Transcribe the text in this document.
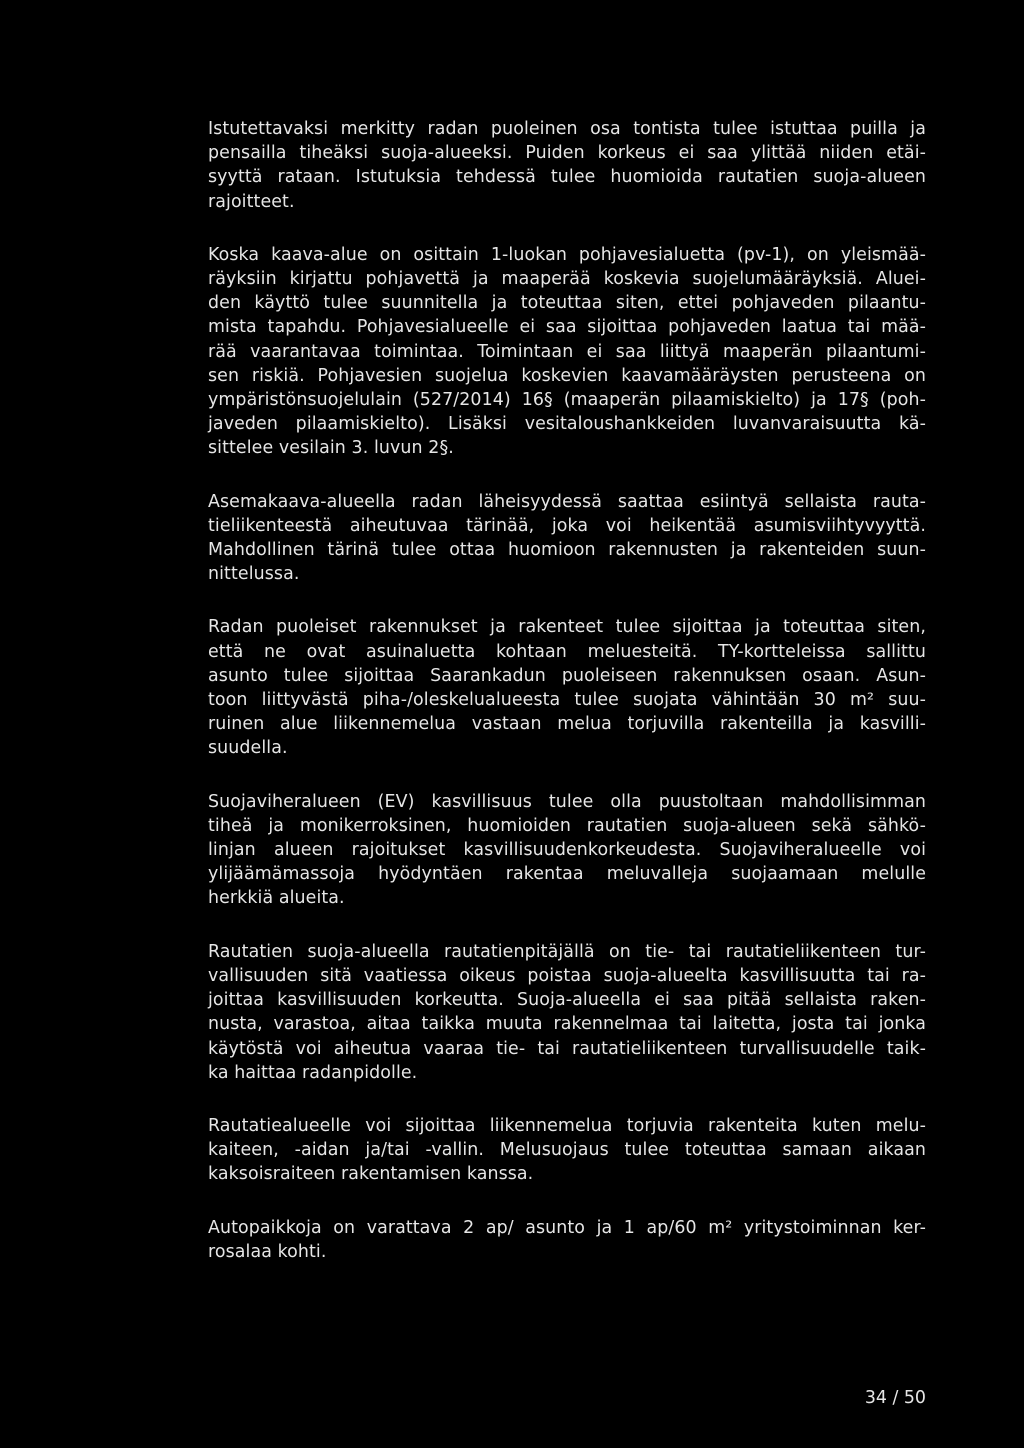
Istutettavaksi merkitty radan puoleinen osa tontista tulee istuttaa puilla ja
pensailla tiheäksi suoja-alueeksi. Puiden korkeus ei saa ylittää niiden etäi-
syyttä rataan. Istutuksia tehdessä tulee huomioida rautatien suoja-alueen
rajoitteet.
Koska kaava-alue on osittain 1-luokan pohjavesialuetta (pv-1), on yleismää-
räyksiin kirjattu pohjavettä ja maaperää koskevia suojelumääräyksiä. Aluei-
den käyttö tulee suunnitella ja toteuttaa siten, ettei pohjaveden pilaantu-
mista tapahdu. Pohjavesialueelle ei saa sijoittaa pohjaveden laatua tai mää-
rää vaarantavaa toimintaa. Toimintaan ei saa liittyä maaperän pilaantumi-
sen riskiä. Pohjavesien suojelua koskevien kaavamääräysten perusteena on
ympäristönsuojelulain (527/2014) 16§ (maaperän pilaamiskielto) ja 17§ (poh-
javeden pilaamiskielto). Lisäksi vesitaloushankkeiden luvanvaraisuutta kä-
sittelee vesilain 3. luvun 2§.
Asemakaava-alueella radan läheisyydessä saattaa esiintyä sellaista rauta-
tieliikenteestä aiheutuvaa tärinää, joka voi heikentää asumisviihtyvyyttä.
Mahdollinen tärinä tulee ottaa huomioon rakennusten ja rakenteiden suun-
nittelussa.
Radan puoleiset rakennukset ja rakenteet tulee sijoittaa ja toteuttaa siten,
että ne ovat asuinaluetta kohtaan meluesteitä. TY-kortteleissa sallittu
asunto tulee sijoittaa Saarankadun puoleiseen rakennuksen osaan. Asun-
toon liittyvästä piha-/oleskelualueesta tulee suojata vähintään 30 m² suu-
ruinen alue liikennemelua vastaan melua torjuvilla rakenteilla ja kasvilli-
suudella.
Suojaviheralueen (EV) kasvillisuus tulee olla puustoltaan mahdollisimman
tiheä ja monikerroksinen, huomioiden rautatien suoja-alueen sekä sähkö-
linjan alueen rajoitukset kasvillisuudenkorkeudesta. Suojaviheralueelle voi
ylijäämämassoja hyödyntäen rakentaa meluvalleja suojaamaan melulle
herkkiä alueita.
Rautatien suoja-alueella rautatienpitäjällä on tie- tai rautatieliikenteen tur-
vallisuuden sitä vaatiessa oikeus poistaa suoja-alueelta kasvillisuutta tai ra-
joittaa kasvillisuuden korkeutta. Suoja-alueella ei saa pitää sellaista raken-
nusta, varastoa, aitaa taikka muuta rakennelmaa tai laitetta, josta tai jonka
käytöstä voi aiheutua vaaraa tie- tai rautatieliikenteen turvallisuudelle taik-
ka haittaa radanpidolle.
Rautatiealueelle voi sijoittaa liikennemelua torjuvia rakenteita kuten melu-
kaiteen, -aidan ja/tai -vallin. Melusuojaus tulee toteuttaa samaan aikaan
kaksoisraiteen rakentamisen kanssa.
Autopaikkoja on varattava 2 ap/ asunto ja 1 ap/60 m² yritystoiminnan ker-
rosalaa kohti.
34 / 50
